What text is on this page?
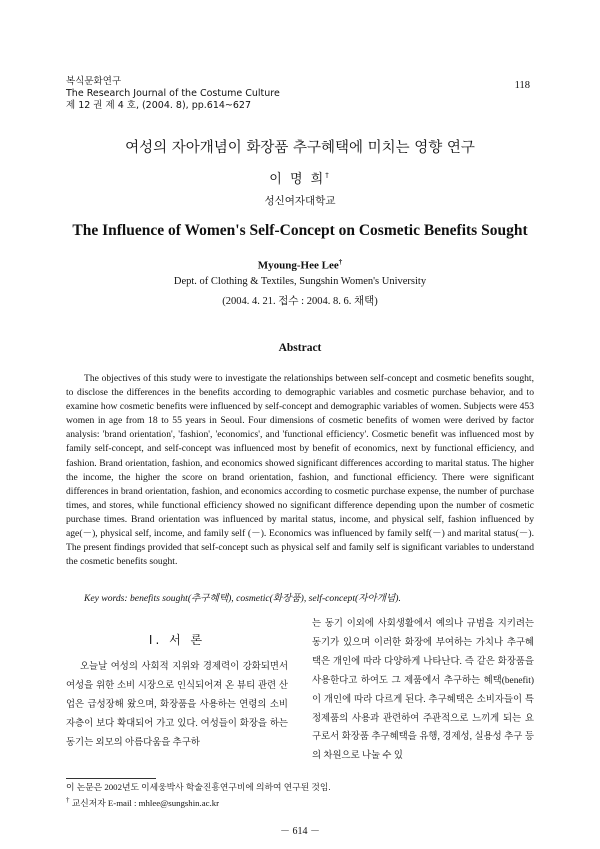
복식문화연구
The Research Journal of the Costume Culture
제 12 권 제 4 호, (2004. 8), pp.614~627
118
여성의 자아개념이 화장품 추구혜택에 미치는 영향 연구
이 명 희†
성신여자대학교
The Influence of Women's Self-Concept on Cosmetic Benefits Sought
Myoung-Hee Lee†
Dept. of Clothing & Textiles, Sungshin Women's University
(2004. 4. 21. 접수 : 2004. 8. 6. 채택)
Abstract

The objectives of this study were to investigate the relationships between self-concept and cosmetic benefits sought, to disclose the differences in the benefits according to demographic variables and cosmetic purchase behavior, and to examine how cosmetic benefits were influenced by self-concept and demographic variables of women. Subjects were 453 women in age from 18 to 55 years in Seoul. Four dimensions of cosmetic benefits of women were derived by factor analysis: 'brand orientation', 'fashion', 'economics', and 'functional efficiency'. Cosmetic benefit was influenced most by family self-concept, and self-concept was influenced most by benefit of economics, next by functional efficiency, and fashion. Brand orientation, fashion, and economics showed significant differences according to marital status. The higher the income, the higher the score on brand orientation, fashion, and functional efficiency. There were significant differences in brand orientation, fashion, and economics according to cosmetic purchase expense, the number of purchase times, and stores, while functional efficiency showed no significant difference depending upon the number of cosmetic purchase times. Brand orientation was influenced by marital status, income, and physical self, fashion influenced by age(－), physical self, income, and family self (－). Economics was influenced by family self(－) and marital status(－). The present findings provided that self-concept such as physical self and family self is significant variables to understand the cosmetic benefits sought.

Key words: benefits sought(추구혜택), cosmetic(화장품), self-concept(자아개념).
Ⅰ. 서 론

오늘날 여성의 사회적 지위와 경제력이 강화되면서 여성을 위한 소비 시장으로 인식되어져 온 뷰티 관련 산업은 급성장해 왔으며, 화장품을 사용하는 연령의 소비자층이 보다 확대되어 가고 있다. 여성들이 화장을 하는 동기는 외모의 아름다움을 추구하

는 동기 이외에 사회생활에서 예의나 규범을 지키려는 동기가 있으며 이러한 화장에 부여하는 가치나 추구혜택은 개인에 따라 다양하게 나타난다. 즉 같은 화장품을 사용한다고 하여도 그 제품에서 추구하는 혜택(benefit)이 개인에 따라 다르게 된다. 추구혜택은 소비자들이 특정제품의 사용과 관련하여 주관적으로 느끼게 되는 요구로서 화장품 추구혜택을 유행, 경제성, 실용성 추구 등의 차원으로 나눌 수 있

이 논문은 2002년도 이세웅박사 학술진흥연구비에 의하여 연구된 것임.
† 교신저자 E-mail : mhlee@sungshin.ac.kr
－ 614 －
